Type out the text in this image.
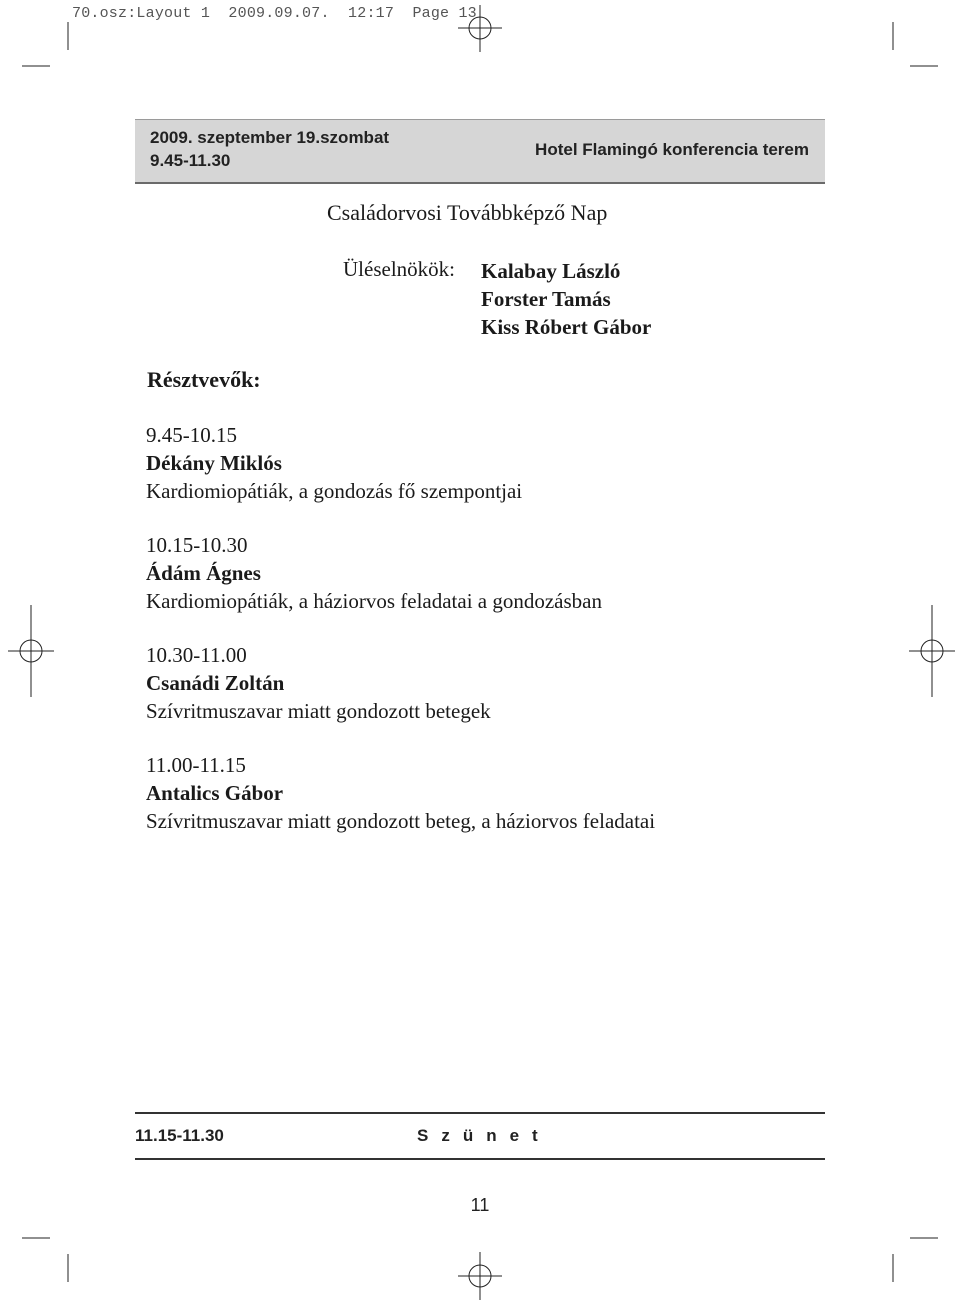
70.osz:Layout 1  2009.09.07.  12:17  Page 13
2009. szeptember 19.szombat
9.45-11.30
Hotel Flamingó konferencia terem
Családorvosi Továbbképző Nap
Üléselnökök: Kalabay László
Forster Tamás
Kiss Róbert Gábor
Résztvevők:
9.45-10.15
Dékány Miklós
Kardiomiopátiák, a gondozás fő szempontjai
10.15-10.30
Ádám Ágnes
Kardiomiopátiák, a háziorvos feladatai a gondozásban
10.30-11.00
Csanádi Zoltán
Szívritmuszavar miatt gondozott betegek
11.00-11.15
Antalics Gábor
Szívritmuszavar miatt gondozott beteg, a háziorvos feladatai
11.15-11.30	Szünet
11
